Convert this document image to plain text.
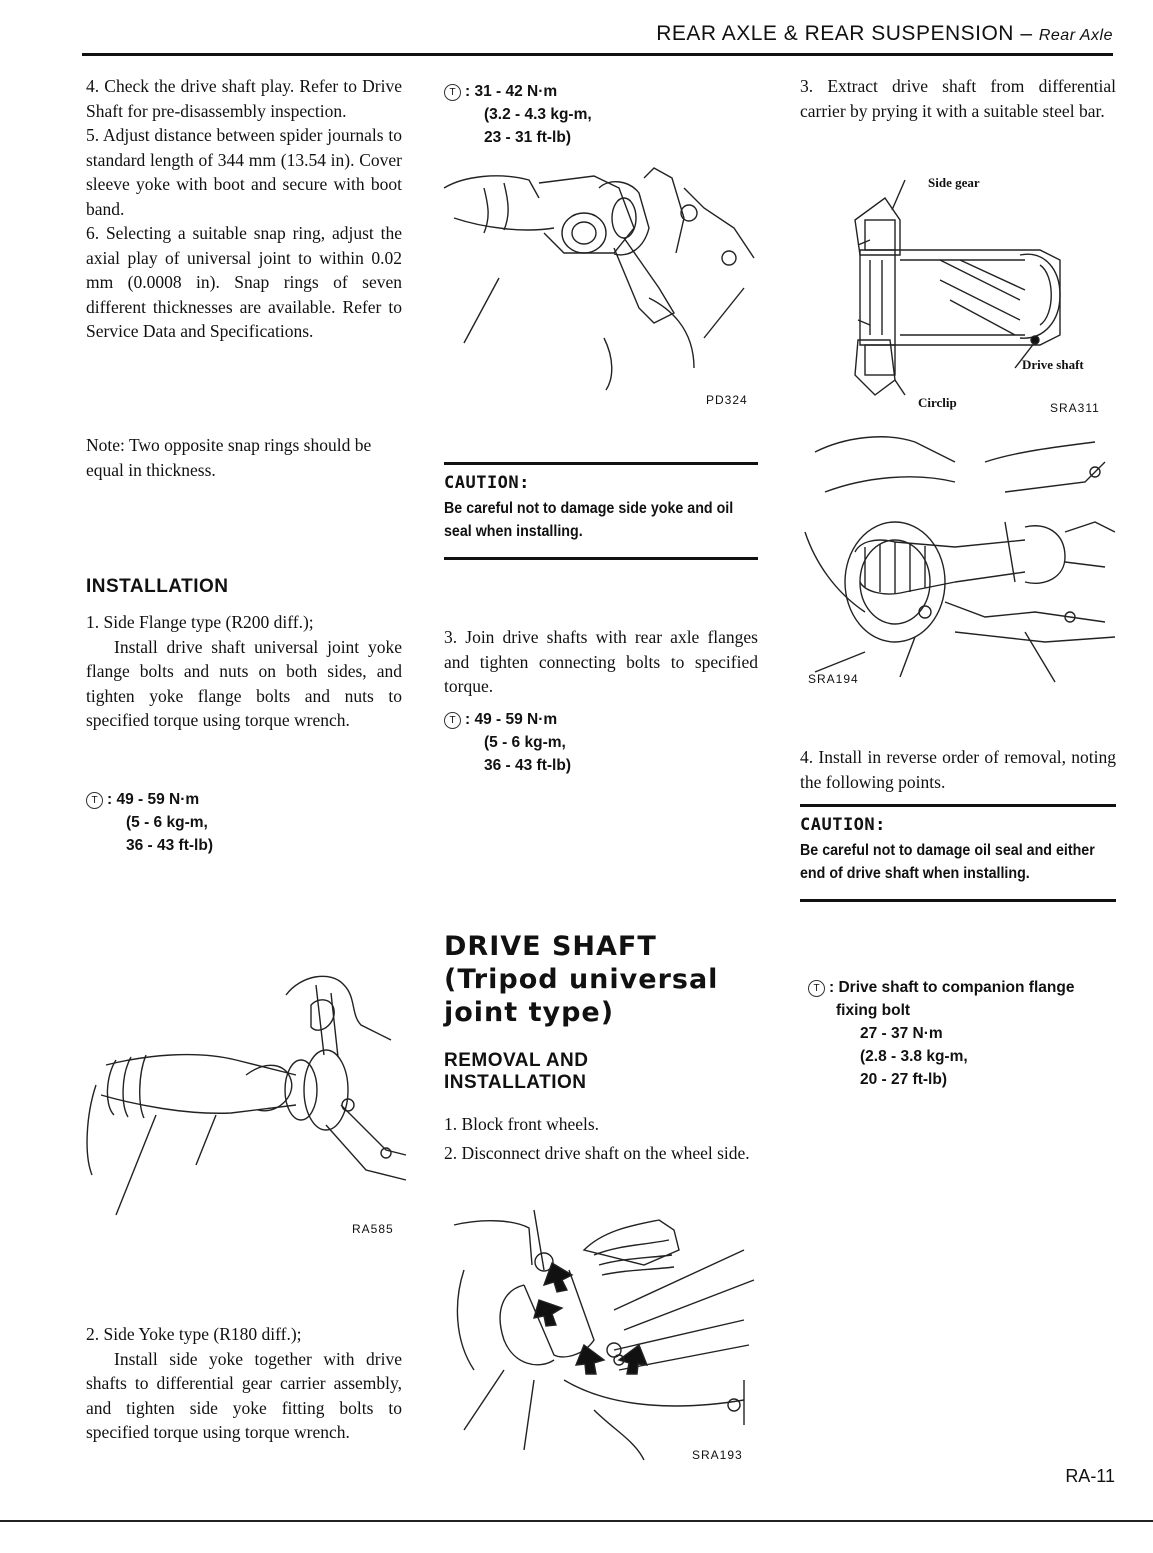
REAR AXLE & REAR SUSPENSION – Rear Axle

4. Check the drive shaft play. Refer to Drive Shaft for pre-disassembly inspection.

5. Adjust distance between spider journals to standard length of 344 mm (13.54 in). Cover sleeve yoke with boot and secure with boot band.

6. Selecting a suitable snap ring, adjust the axial play of universal joint to within 0.02 mm (0.0008 in). Snap rings of seven different thicknesses are available. Refer to Service Data and Specifications.

Note: Two opposite snap rings should be equal in thickness.

INSTALLATION

1. Side Flange type (R200 diff.);

Install drive shaft universal joint yoke flange bolts and nuts on both sides, and tighten yoke flange bolts and nuts to specified torque using torque wrench.

T : 49 - 59 N·m
(5 - 6 kg-m,
36 - 43 ft-lb)
RA585

2. Side Yoke type (R180 diff.);

Install side yoke together with drive shafts to differential gear carrier assembly, and tighten side yoke fitting bolts to specified torque using torque wrench.

T : 31 - 42 N·m
(3.2 - 4.3 kg-m,
23 - 31 ft-lb)
PD324
CAUTION:
Be careful not to damage side yoke and oil seal when installing.

3. Join drive shafts with rear axle flanges and tighten connecting bolts to specified torque.

T : 49 - 59 N·m
(5 - 6 kg-m,
36 - 43 ft-lb)
DRIVE SHAFT
(Tripod universal
joint type)
REMOVAL AND
INSTALLATION

1. Block front wheels.

2. Disconnect drive shaft on the wheel side.

SRA193

3. Extract drive shaft from differential carrier by prying it with a suitable steel bar.

Side gear
Drive shaft
Circlip	SRA311
SRA194

4. Install in reverse order of removal, noting the following points.

CAUTION:
Be careful not to damage oil seal and either end of drive shaft when installing.
T : Drive shaft to companion flange
fixing bolt
27 - 37 N·m
(2.8 - 3.8 kg-m,
20 - 27 ft-lb)
RA-11
